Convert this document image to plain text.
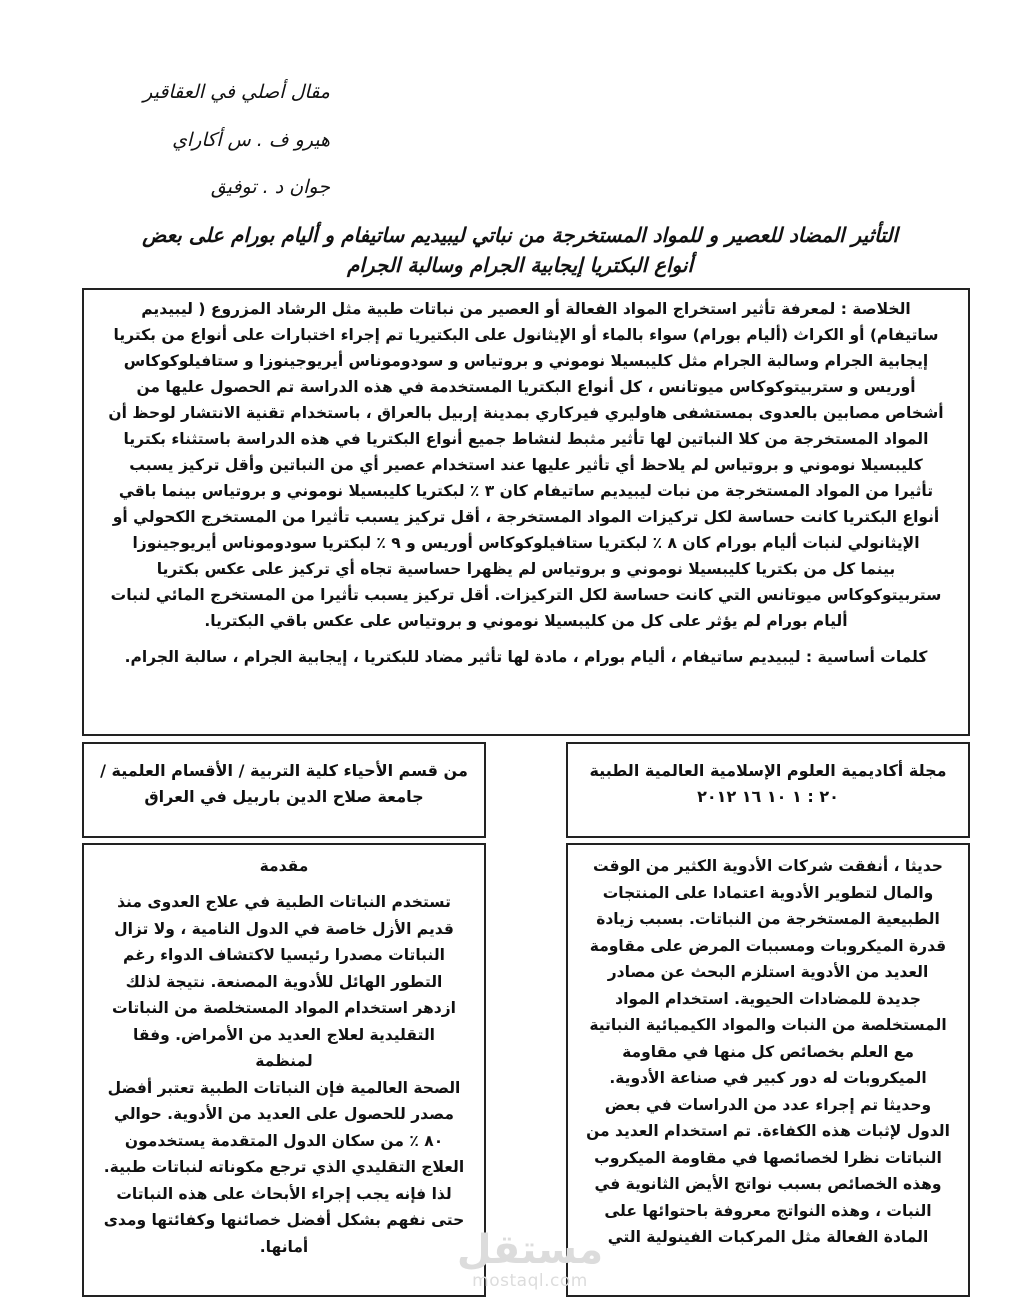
مقال أصلي في العقاقير
هيرو ف . س أكاراي
جوان د . توفيق
التأثير المضاد للعصير و للمواد المستخرجة من نباتي ليبيديم ساتيفام و أليام بورام على بعض
أنواع البكتريا إيجابية الجرام وسالبة الجرام

الخلاصة : لمعرفة تأثير استخراج المواد الفعالة أو العصير من نباتات طبية مثل الرشاد المزروع ( ليبيديم

ساتيفام) أو الكراث (أليام بورام) سواء بالماء أو الإيثانول على البكتيريا تم إجراء اختبارات على أنواع من بكتريا

إيجابية الجرام وسالبة الجرام مثل كليبسيلا نوموني و بروتياس و سودوموناس أيريوجينوزا و ستافيلوكوكاس

أوريس و ستربيتوكوكاس ميوتانس ، كل أنواع البكتريا المستخدمة في هذه الدراسة تم الحصول عليها من

أشخاص مصابين بالعدوى بمستشفى هاوليري فيركاري بمدينة إربيل بالعراق ، باستخدام تقنية الانتشار لوحظ أن

المواد المستخرجة من كلا النباتين لها تأثير مثبط لنشاط جميع أنواع البكتريا في هذه الدراسة باستثناء بكتريا

كليبسيلا نوموني و بروتياس لم يلاحظ أي تأثير عليها عند استخدام عصير أي من النباتين وأقل تركيز يسبب

تأثيرا من المواد المستخرجة من نبات ليبيديم ساتيفام كان ٣ ٪ لبكتريا كليبسيلا نوموني و بروتياس بينما باقي

أنواع البكتريا كانت حساسة لكل تركيزات المواد المستخرجة ، أقل تركيز يسبب تأثيرا من المستخرج الكحولي أو

الإيثانولي لنبات أليام بورام كان ٨ ٪ لبكتريا ستافيلوكوكاس أوريس و ٩ ٪ لبكتريا سودوموناس أيريوجينوزا

بينما كل من بكتريا كليبسيلا نوموني و بروتياس لم يظهرا حساسية تجاه أي تركيز على عكس بكتريا

ستربيتوكوكاس ميوتانس التي كانت حساسة لكل التركيزات. أقل تركيز يسبب تأثيرا من المستخرج المائي لنبات

أليام بورام لم يؤثر على كل من كليبسيلا نوموني و بروتياس على عكس باقي البكتريا.

كلمات أساسية : ليبيديم ساتيفام ، أليام بورام ، مادة لها تأثير مضاد للبكتريا ، إيجابية الجرام ، سالبة الجرام.

من قسم الأحياء كلية التربية / الأقسام العلمية /

جامعة صلاح الدين باربيل في العراق

مجلة أكاديمية العلوم الإسلامية العالمية الطبية

٢٠ : ١ ١٠ ١٦ ٢٠١٢

مقدمة

تستخدم النباتات الطبية في علاج العدوى منذ

قديم الأزل خاصة في الدول النامية ، ولا تزال

النباتات مصدرا رئيسيا لاكتشاف الدواء رغم

التطور الهائل للأدوية المصنعة. نتيجة لذلك

ازدهر استخدام المواد المستخلصة من النباتات

التقليدية لعلاج العديد من الأمراض. وفقا لمنظمة

الصحة العالمية فإن النباتات الطبية تعتبر أفضل

مصدر للحصول على العديد من الأدوية. حوالي

٨٠ ٪ من سكان الدول المتقدمة يستخدمون

العلاج التقليدي الذي ترجع مكوناته لنباتات طبية.

لذا فإنه يجب إجراء الأبحاث على هذه النباتات

حتى نفهم بشكل أفضل خصائنها وكفائتها ومدى

أمانها.

حديثا ، أنفقت شركات الأدوية الكثير من الوقت

والمال لتطوير الأدوية اعتمادا على المنتجات

الطبيعية المستخرجة من النباتات. بسبب زيادة

قدرة الميكروبات ومسببات المرض على مقاومة

العديد من الأدوية استلزم البحث عن مصادر

جديدة للمضادات الحيوية. استخدام المواد

المستخلصة من النبات والمواد الكيميائية النباتية

مع العلم بخصائص كل منها في مقاومة

الميكروبات له دور كبير في صناعة الأدوية.

وحديثا تم إجراء عدد من الدراسات في بعض

الدول لإثبات هذه الكفاءة. تم استخدام العديد من

النباتات نظرا لخصائصها في مقاومة الميكروب

وهذه الخصائص بسبب نواتج الأيض الثانوية في

النبات ، وهذه النواتج معروفة باحتوائها على

المادة الفعالة مثل المركبات الفينولية التي

مستقل
mostaql.com
